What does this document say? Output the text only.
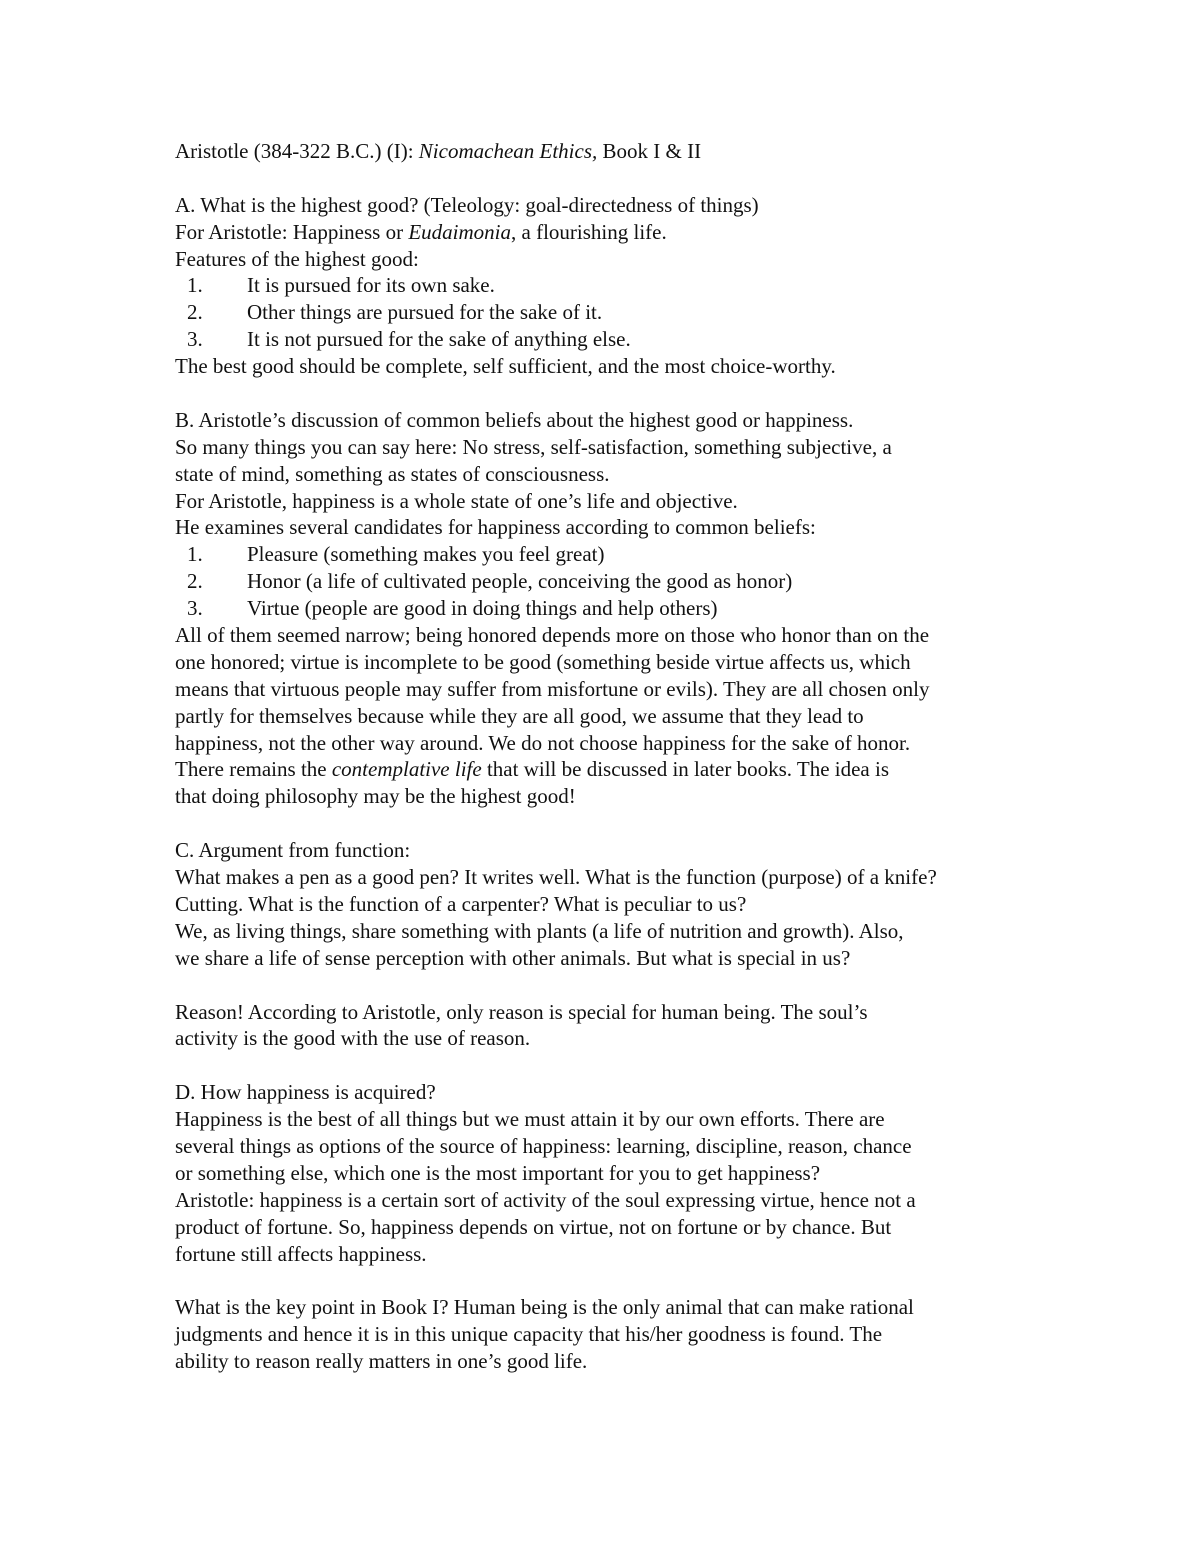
Aristotle (384-322 B.C.) (I): Nicomachean Ethics, Book I & II
A. What is the highest good? (Teleology: goal-directedness of things)
For Aristotle: Happiness or Eudaimonia, a flourishing life.
Features of the highest good:
1. It is pursued for its own sake.
2. Other things are pursued for the sake of it.
3. It is not pursued for the sake of anything else.
The best good should be complete, self sufficient, and the most choice-worthy.
B. Aristotle’s discussion of common beliefs about the highest good or happiness.
So many things you can say here: No stress, self-satisfaction, something subjective, a
state of mind, something as states of consciousness.
For Aristotle, happiness is a whole state of one’s life and objective.
He examines several candidates for happiness according to common beliefs:
1. Pleasure (something makes you feel great)
2. Honor (a life of cultivated people, conceiving the good as honor)
3. Virtue (people are good in doing things and help others)
All of them seemed narrow; being honored depends more on those who honor than on the
one honored; virtue is incomplete to be good (something beside virtue affects us, which
means that virtuous people may suffer from misfortune or evils). They are all chosen only
partly for themselves because while they are all good, we assume that they lead to
happiness, not the other way around. We do not choose happiness for the sake of honor.
There remains the contemplative life that will be discussed in later books. The idea is
that doing philosophy may be the highest good!
C. Argument from function:
What makes a pen as a good pen? It writes well. What is the function (purpose) of a knife?
Cutting. What is the function of a carpenter? What is peculiar to us?
We, as living things, share something with plants (a life of nutrition and growth). Also,
we share a life of sense perception with other animals. But what is special in us?
Reason! According to Aristotle, only reason is special for human being. The soul’s
activity is the good with the use of reason.
D. How happiness is acquired?
Happiness is the best of all things but we must attain it by our own efforts. There are
several things as options of the source of happiness: learning, discipline, reason, chance
or something else, which one is the most important for you to get happiness?
Aristotle: happiness is a certain sort of activity of the soul expressing virtue, hence not a
product of fortune. So, happiness depends on virtue, not on fortune or by chance. But
fortune still affects happiness.
What is the key point in Book I? Human being is the only animal that can make rational
judgments and hence it is in this unique capacity that his/her goodness is found. The
ability to reason really matters in one’s good life.
